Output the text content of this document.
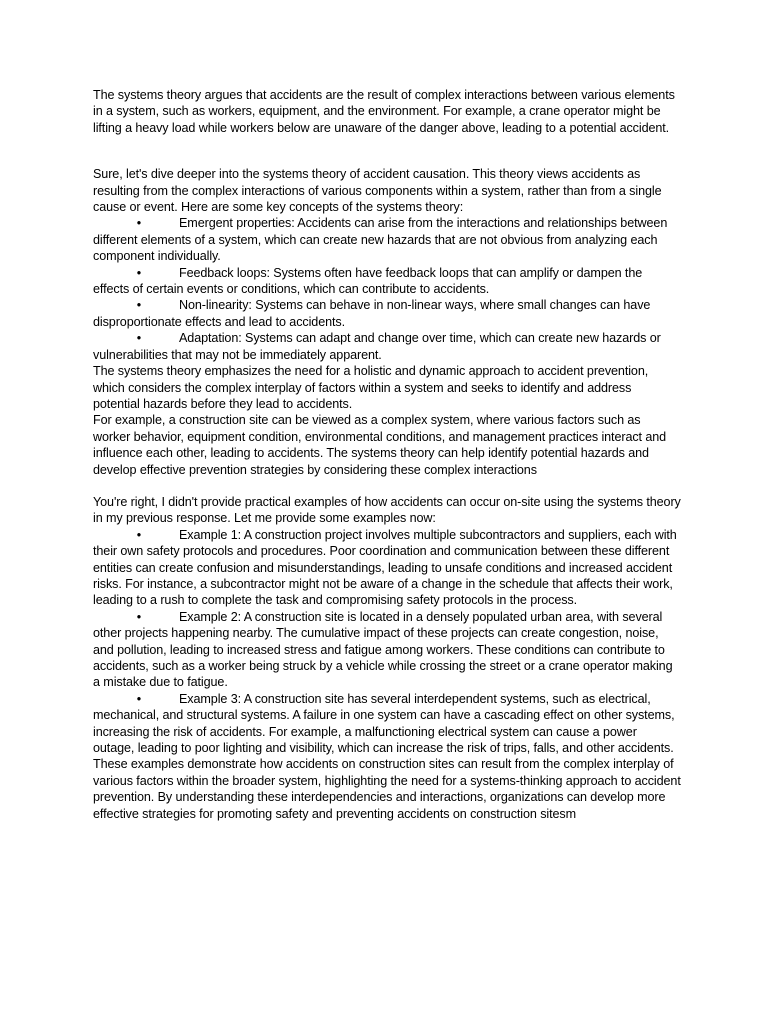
The systems theory argues that accidents are the result of complex interactions between various elements in a system, such as workers, equipment, and the environment. For example, a crane operator might be lifting a heavy load while workers below are unaware of the danger above, leading to a potential accident.

Sure, let's dive deeper into the systems theory of accident causation. This theory views accidents as resulting from the complex interactions of various components within a system, rather than from a single cause or event. Here are some key concepts of the systems theory:

•	Emergent properties: Accidents can arise from the interactions and relationships between different elements of a system, which can create new hazards that are not obvious from analyzing each component individually.

•	Feedback loops: Systems often have feedback loops that can amplify or dampen the effects of certain events or conditions, which can contribute to accidents.

•	Non-linearity: Systems can behave in non-linear ways, where small changes can have disproportionate effects and lead to accidents.

•	Adaptation: Systems can adapt and change over time, which can create new hazards or vulnerabilities that may not be immediately apparent.

The systems theory emphasizes the need for a holistic and dynamic approach to accident prevention, which considers the complex interplay of factors within a system and seeks to identify and address potential hazards before they lead to accidents.

For example, a construction site can be viewed as a complex system, where various factors such as worker behavior, equipment condition, environmental conditions, and management practices interact and influence each other, leading to accidents. The systems theory can help identify potential hazards and develop effective prevention strategies by considering these complex interactions

You're right, I didn't provide practical examples of how accidents can occur on-site using the systems theory in my previous response. Let me provide some examples now:

•	Example 1: A construction project involves multiple subcontractors and suppliers, each with their own safety protocols and procedures. Poor coordination and communication between these different entities can create confusion and misunderstandings, leading to unsafe conditions and increased accident risks. For instance, a subcontractor might not be aware of a change in the schedule that affects their work, leading to a rush to complete the task and compromising safety protocols in the process.

•	Example 2: A construction site is located in a densely populated urban area, with several other projects happening nearby. The cumulative impact of these projects can create congestion, noise, and pollution, leading to increased stress and fatigue among workers. These conditions can contribute to accidents, such as a worker being struck by a vehicle while crossing the street or a crane operator making a mistake due to fatigue.

•	Example 3: A construction site has several interdependent systems, such as electrical, mechanical, and structural systems. A failure in one system can have a cascading effect on other systems, increasing the risk of accidents. For example, a malfunctioning electrical system can cause a power outage, leading to poor lighting and visibility, which can increase the risk of trips, falls, and other accidents.

These examples demonstrate how accidents on construction sites can result from the complex interplay of various factors within the broader system, highlighting the need for a systems-thinking approach to accident prevention. By understanding these interdependencies and interactions, organizations can develop more effective strategies for promoting safety and preventing accidents on construction sitesm
